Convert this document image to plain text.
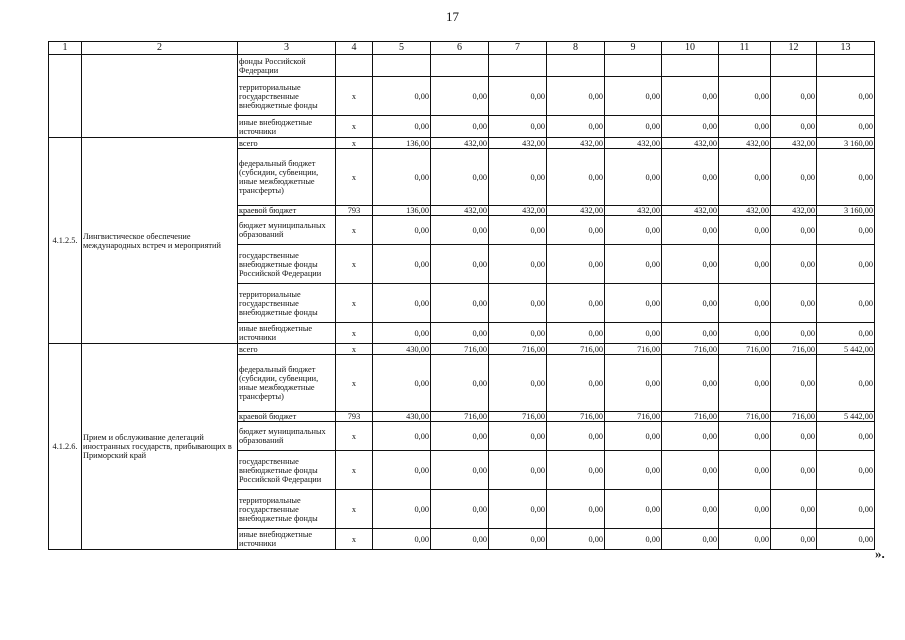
17
1	2	3	4	5	6	7	8	9	10	11	12	13
		фонды Российской Федерации										
		территориальные государственные внебюджетные фонды	х	0,00	0,00	0,00	0,00	0,00	0,00	0,00	0,00	0,00
		иные внебюджетные источники	х	0,00	0,00	0,00	0,00	0,00	0,00	0,00	0,00	0,00
4.1.2.5.	Лингвистическое обеспечение международных встреч и мероприятий	всего	х	136,00	432,00	432,00	432,00	432,00	432,00	432,00	432,00	3 160,00
		федеральный бюджет (субсидии, субвенции, иные межбюджетные трансферты)	х	0,00	0,00	0,00	0,00	0,00	0,00	0,00	0,00	0,00
		краевой бюджет	793	136,00	432,00	432,00	432,00	432,00	432,00	432,00	432,00	3 160,00
		бюджет муниципальных образований	х	0,00	0,00	0,00	0,00	0,00	0,00	0,00	0,00	0,00
		государственные внебюджетные фонды Российской Федерации	х	0,00	0,00	0,00	0,00	0,00	0,00	0,00	0,00	0,00
		территориальные государственные внебюджетные фонды	х	0,00	0,00	0,00	0,00	0,00	0,00	0,00	0,00	0,00
		иные внебюджетные источники	х	0,00	0,00	0,00	0,00	0,00	0,00	0,00	0,00	0,00
4.1.2.6.	Прием и обслуживание делегаций иностранных государств, прибывающих в Приморский край	всего	х	430,00	716,00	716,00	716,00	716,00	716,00	716,00	716,00	5 442,00
		федеральный бюджет (субсидии, субвенции, иные межбюджетные трансферты)	х	0,00	0,00	0,00	0,00	0,00	0,00	0,00	0,00	0,00
		краевой бюджет	793	430,00	716,00	716,00	716,00	716,00	716,00	716,00	716,00	5 442,00
		бюджет муниципальных образований	х	0,00	0,00	0,00	0,00	0,00	0,00	0,00	0,00	0,00
		государственные внебюджетные фонды Российской Федерации	х	0,00	0,00	0,00	0,00	0,00	0,00	0,00	0,00	0,00
		территориальные государственные внебюджетные фонды	х	0,00	0,00	0,00	0,00	0,00	0,00	0,00	0,00	0,00
		иные внебюджетные источники	х	0,00	0,00	0,00	0,00	0,00	0,00	0,00	0,00	0,00
».
